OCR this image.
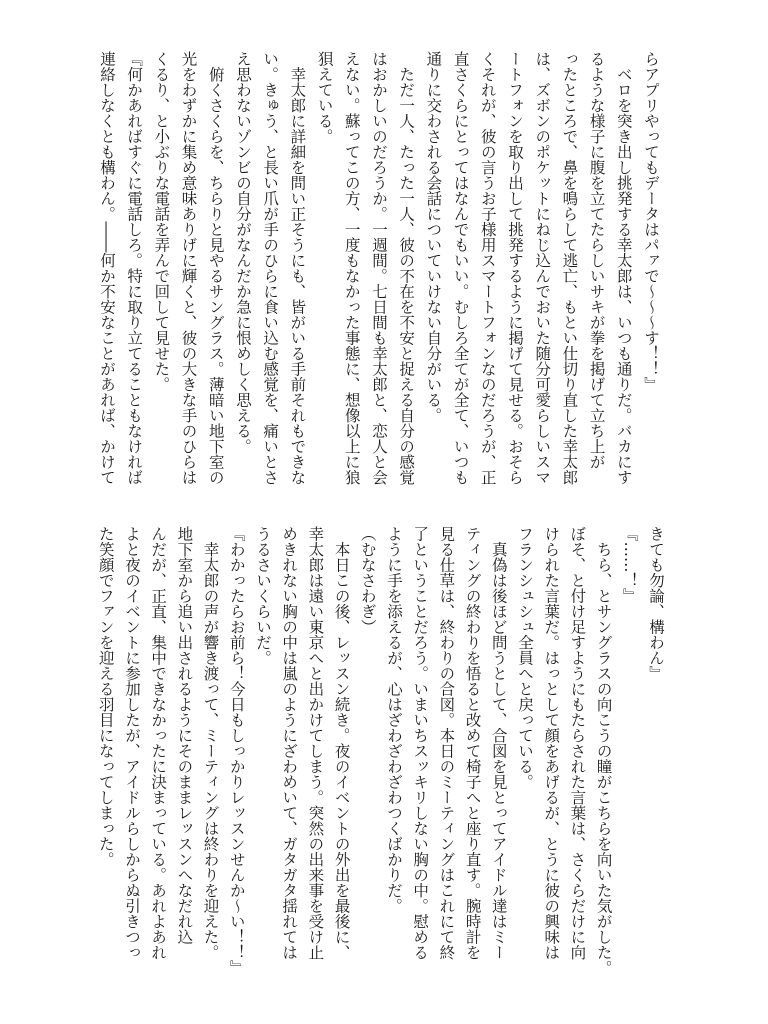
らアプリやってもデータはパァで～～～す！！』
　ベロを突き出し挑発する幸太郎は、いつも通りだ。バカにす
るような様子に腹を立てたらしいサキが拳を掲げて立ち上が
ったところで、鼻を鳴らして逃亡、もとい仕切り直した幸太郎
は、ズボンのポケットにねじ込んでおいた随分可愛らしいスマ
ートフォンを取り出して挑発するように掲げて見せる。おそら
くそれが、彼の言うお子様用スマートフォンなのだろうが、正
直さくらにとってはなんでもいい。むしろ全てが全て、いつも
通りに交わされる会話についていけない自分がいる。
　ただ一人、たった一人、彼の不在を不安と捉える自分の感覚
はおかしいのだろうか。一週間。七日間も幸太郎と、恋人と会
えない。蘇ってこの方、一度もなかった事態に、想像以上に狼
狽えている。
　幸太郎に詳細を問い正そうにも、皆がいる手前それもできな
い。きゅう、と長い爪が手のひらに食い込む感覚を、痛いとさ
え思わないゾンビの自分がなんだか急に恨めしく思える。
　俯くさくらを、ちらりと見やるサングラス。薄暗い地下室の
光をわずかに集め意味ありげに輝くと、彼の大きな手のひらは
くるり、と小ぶりな電話を弄んで回して見せた。
『何かあればすぐに電話しろ。特に取り立てることもなければ
連絡しなくとも構わん。――何か不安なことがあれば、かけて
きても勿論、構わん』
『……！』
　ちら、とサングラスの向こうの瞳がこちらを向いた気がした。
ぼそ、と付け足すようにもたらされた言葉は、さくらだけに向
けられた言葉だ。はっとして顔をあげるが、とうに彼の興味は
フランシュシュ全員へと戻っている。
　真偽は後ほど問うとして、合図を見とってアイドル達はミー
ティングの終わりを悟ると改めて椅子へと座り直す。腕時計を
見る仕草は、終わりの合図。本日のミーティングはこれにて終
了ということだろう。いまいちスッキリしない胸の中。慰める
ように手を添えるが、心はざわざわざわつくばかりだ。
（むなさわぎ）
　本日この後、レッスン続き。夜のイベントの外出を最後に、
幸太郎は遠い東京へと出かけてしまう。突然の出来事を受け止
めきれない胸の中は嵐のようにざわめいて、ガタガタ揺れては
うるさいくらいだ。
『わかったらお前ら！今日もしっかりレッスンせんか～い！！』
　幸太郎の声が響き渡って、ミーティングは終わりを迎えた。
地下室から追い出されるようにそのままレッスンへなだれ込
んだが、正直、集中できなかったに決まっている。あれよあれ
よと夜のイベントに参加したが、アイドルらしからぬ引きつっ
た笑顔でファンを迎える羽目になってしまった。
